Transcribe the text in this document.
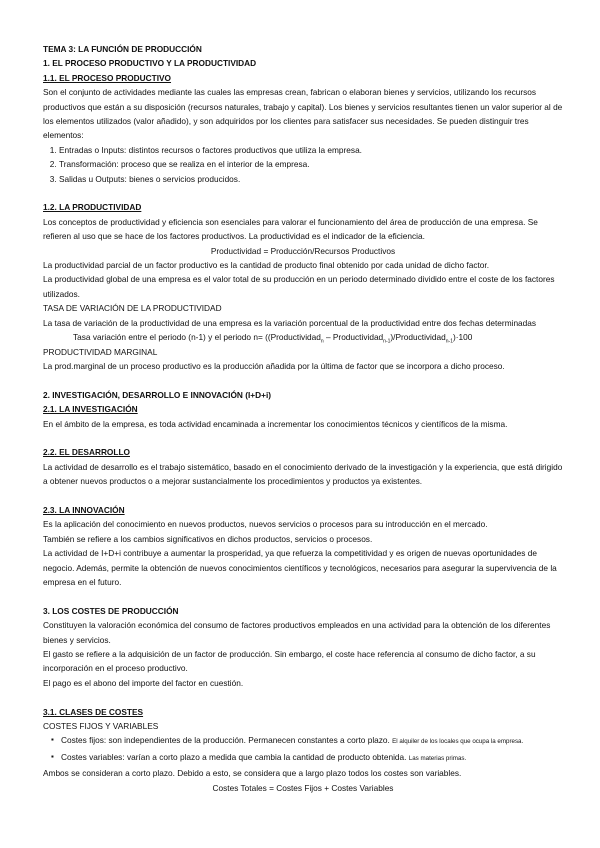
TEMA 3: LA FUNCIÓN DE PRODUCCIÓN

1. EL PROCESO PRODUCTIVO Y LA PRODUCTIVIDAD

1.1. EL PROCESO PRODUCTIVO

Son el conjunto de actividades mediante las cuales las empresas crean, fabrican o elaboran bienes y servicios, utilizando los recursos productivos que están a su disposición (recursos naturales, trabajo y capital). Los bienes y servicios resultantes tienen un valor superior al de los elementos utilizados (valor añadido), y son adquiridos por los clientes para satisfacer sus necesidades. Se pueden distinguir tres elementos:

1. Entradas o Inputs: distintos recursos o factores productivos que utiliza la empresa.
2. Transformación: proceso que se realiza en el interior de la empresa.
3. Salidas u Outputs: bienes o servicios producidos.

1.2. LA PRODUCTIVIDAD

Los conceptos de productividad y eficiencia son esenciales para valorar el funcionamiento del área de producción de una empresa. Se refieren al uso que se hace de los factores productivos. La productividad es el indicador de la eficiencia.

Productividad = Producción/Recursos Productivos

La productividad parcial de un factor productivo es la cantidad de producto final obtenido por cada unidad de dicho factor.

La productividad global de una empresa es el valor total de su producción en un periodo determinado dividido entre el coste de los factores utilizados.

TASA DE VARIACIÓN DE LA PRODUCTIVIDAD

La tasa de variación de la productividad de una empresa es la variación porcentual de la productividad entre dos fechas determinadas

Tasa variación entre el periodo (n-1) y el periodo n= ((Productividad$_n$ – Productividad$_{n-1}$)/Productividad$_{n-1}$)·100

PRODUCTIVIDAD MARGINAL

La prod.marginal de un proceso productivo es la producción añadida por la última de factor que se incorpora a dicho proceso.

2. INVESTIGACIÓN, DESARROLLO E INNOVACIÓN (I+D+i)

2.1. LA INVESTIGACIÓN

En el ámbito de la empresa, es toda actividad encaminada a incrementar los conocimientos técnicos y científicos de la misma.

2.2. EL DESARROLLO

La actividad de desarrollo es el trabajo sistemático, basado en el conocimiento derivado de la investigación y la experiencia, que está dirigido a obtener nuevos productos o a mejorar sustancialmente los procedimientos y productos ya existentes.

2.3. LA INNOVACIÓN

Es la aplicación del conocimiento en nuevos productos, nuevos servicios o procesos para su introducción en el mercado.

También se refiere a los cambios significativos en dichos productos, servicios o procesos.

La actividad de I+D+i contribuye a aumentar la prosperidad, ya que refuerza la competitividad y es origen de nuevas oportunidades de negocio. Además, permite la obtención de nuevos conocimientos científicos y tecnológicos, necesarios para asegurar la supervivencia de la empresa en el futuro.

3. LOS COSTES DE PRODUCCIÓN

Constituyen la valoración económica del consumo de factores productivos empleados en una actividad para la obtención de los diferentes bienes y servicios.

El gasto se refiere a la adquisición de un factor de producción. Sin embargo, el coste hace referencia al consumo de dicho factor, a su incorporación en el proceso productivo.

El pago es el abono del importe del factor en cuestión.

3.1. CLASES DE COSTES

COSTES FIJOS Y VARIABLES

▪ Costes fijos: son independientes de la producción. Permanecen constantes a corto plazo. El alquiler de los locales que ocupa la empresa.
▪ Costes variables: varían a corto plazo a medida que cambia la cantidad de producto obtenida. Las materias primas.

Ambos se consideran a corto plazo. Debido a esto, se considera que a largo plazo todos los costes son variables.

Costes Totales = Costes Fijos + Costes Variables
